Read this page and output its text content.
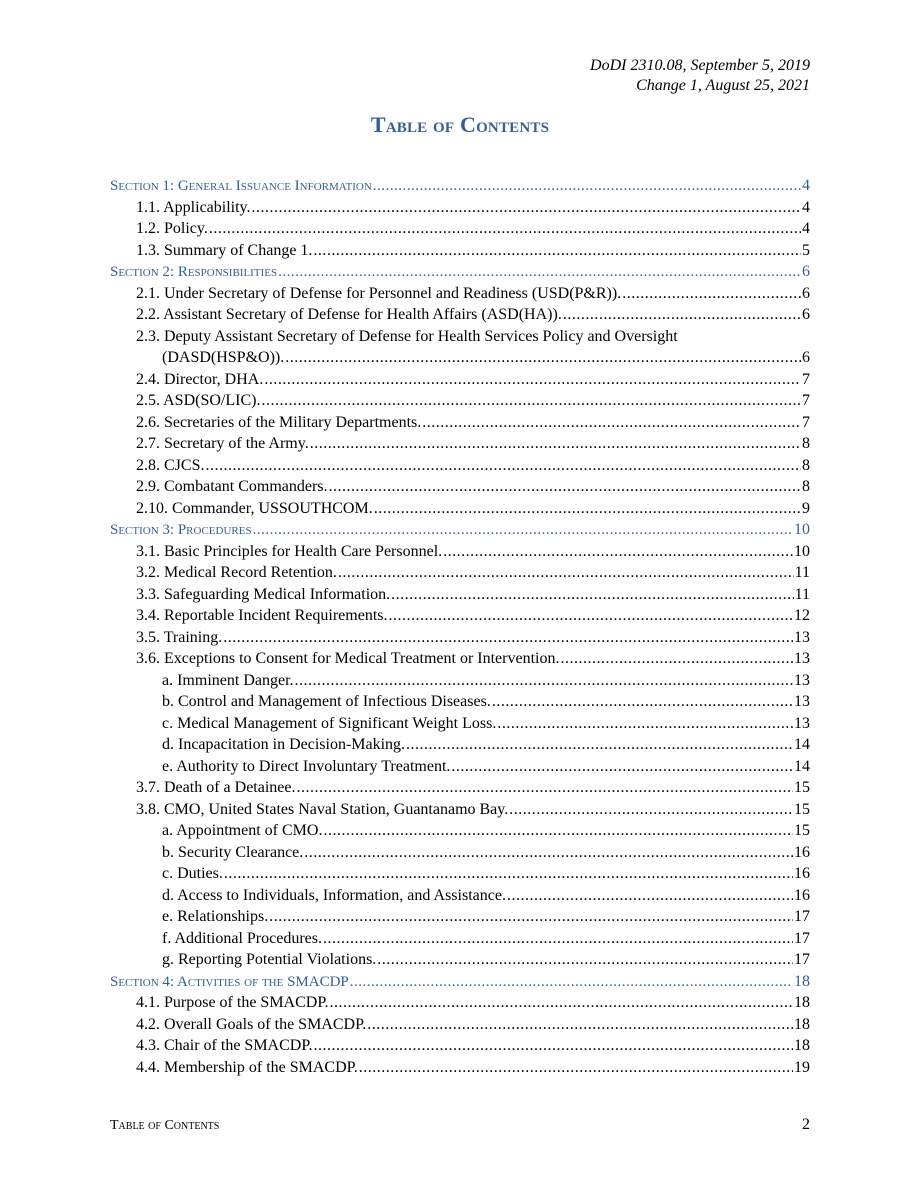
DoDI 2310.08, September 5, 2019
Change 1, August 25, 2021
Table of Contents
Section 1: General Issuance Information .....	4
1.1. Applicability. .....	4
1.2. Policy. .....	4
1.3. Summary of Change 1. .....	5
Section 2: Responsibilities .....	6
2.1. Under Secretary of Defense for Personnel and Readiness (USD(P&R)). .....	6
2.2. Assistant Secretary of Defense for Health Affairs (ASD(HA)). .....	6
2.3. Deputy Assistant Secretary of Defense for Health Services Policy and Oversight
(DASD(HSP&O)). .....	6
2.4. Director, DHA. .....	7
2.5. ASD(SO/LIC). .....	7
2.6. Secretaries of the Military Departments. .....	7
2.7. Secretary of the Army. .....	8
2.8. CJCS. .....	8
2.9. Combatant Commanders. .....	8
2.10. Commander, USSOUTHCOM. .....	9
Section 3: Procedures .....	10
3.1. Basic Principles for Health Care Personnel. .....	10
3.2. Medical Record Retention. .....	11
3.3. Safeguarding Medical Information. .....	11
3.4. Reportable Incident Requirements. .....	12
3.5. Training. .....	13
3.6. Exceptions to Consent for Medical Treatment or Intervention. .....	13
a. Imminent Danger. .....	13
b. Control and Management of Infectious Diseases. .....	13
c. Medical Management of Significant Weight Loss. .....	13
d. Incapacitation in Decision-Making. .....	14
e. Authority to Direct Involuntary Treatment. .....	14
3.7. Death of a Detainee. .....	15
3.8. CMO, United States Naval Station, Guantanamo Bay. .....	15
a. Appointment of CMO. .....	15
b. Security Clearance. .....	16
c. Duties. .....	16
d. Access to Individuals, Information, and Assistance. .....	16
e. Relationships. .....	17
f. Additional Procedures. .....	17
g. Reporting Potential Violations. .....	17
Section 4: Activities of the SMACDP .....	18
4.1. Purpose of the SMACDP. .....	18
4.2. Overall Goals of the SMACDP. .....	18
4.3. Chair of the SMACDP. .....	18
4.4. Membership of the SMACDP. .....	19
Table of Contents	2
